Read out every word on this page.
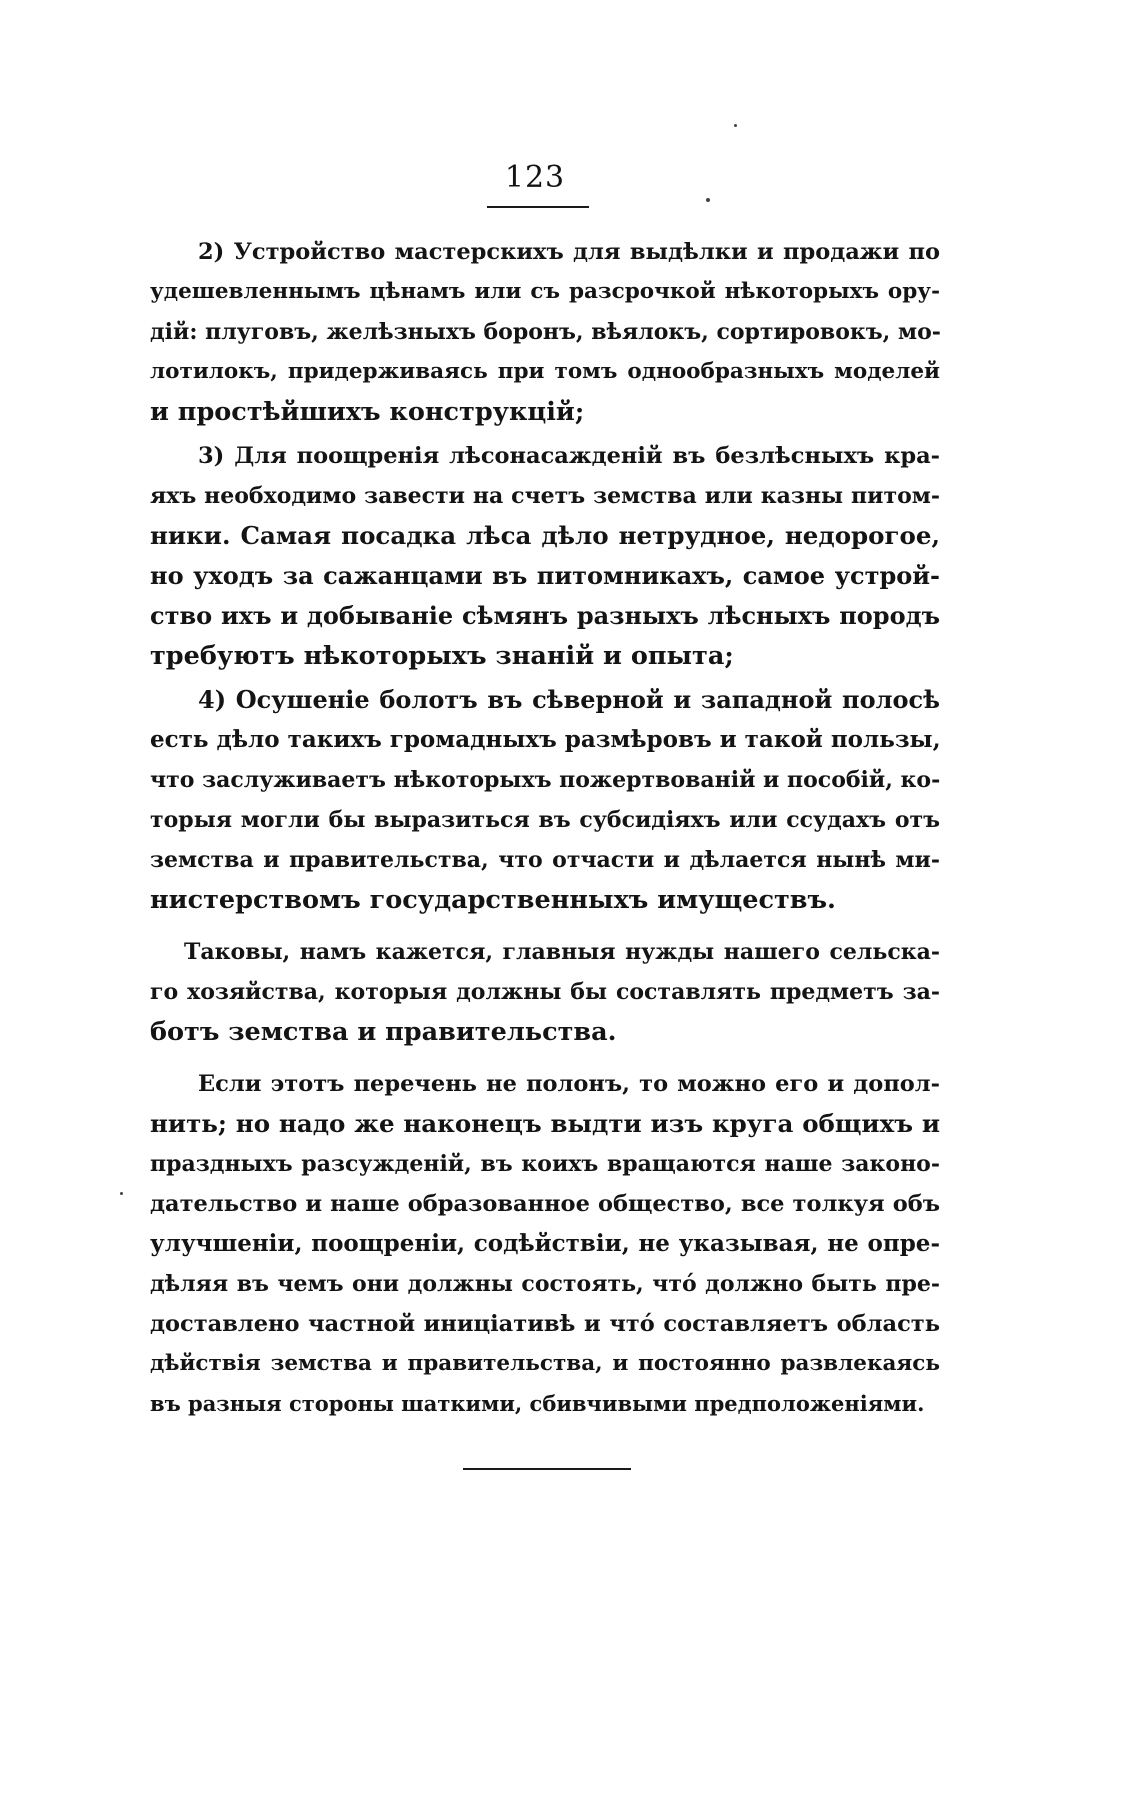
123
2) Устройство мастерскихъ для выдѣлки и продажи по
удешевленнымъ цѣнамъ или съ разсрочкой нѣкоторыхъ ору-
дій: плуговъ, желѣзныхъ боронъ, вѣялокъ, сортировокъ, мо-
лотилокъ, придерживаясь при томъ однообразныхъ моделей
и простѣйшихъ конструкцій;
3) Для поощренія лѣсонасажденій въ безлѣсныхъ кра-
яхъ необходимо завести на счетъ земства или казны питом-
ники. Самая посадка лѣса дѣло нетрудное, недорогое,
но уходъ за сажанцами въ питомникахъ, самое устрой-
ство ихъ и добываніе сѣмянъ разныхъ лѣсныхъ породъ
требуютъ нѣкоторыхъ знаній и опыта;
4) Осушеніе болотъ въ сѣверной и западной полосѣ
есть дѣло такихъ громадныхъ размѣровъ и такой пользы,
что заслуживаетъ нѣкоторыхъ пожертвованій и пособій, ко-
торыя могли бы выразиться въ субсидіяхъ или ссудахъ отъ
земства и правительства, что отчасти и дѣлается нынѣ ми-
нистерствомъ государственныхъ имуществъ.
Таковы, намъ кажется, главныя нужды нашего сельска-
го хозяйства, которыя должны бы составлять предметъ за-
ботъ земства и правительства.
Если этотъ перечень не полонъ, то можно его и допол-
нить; но надо же наконецъ выдти изъ круга общихъ и
праздныхъ разсужденій, въ коихъ вращаются наше законо-
дательство и наше образованное общество, все толкуя объ
улучшеніи, поощреніи, содѣйствіи, не указывая, не опре-
дѣляя въ чемъ они должны состоять, что́ должно быть пре-
доставлено частной иниціативѣ и что́ составляетъ область
дѣйствія земства и правительства, и постоянно развлекаясь
въ разныя стороны шаткими, сбивчивыми предположеніями.
